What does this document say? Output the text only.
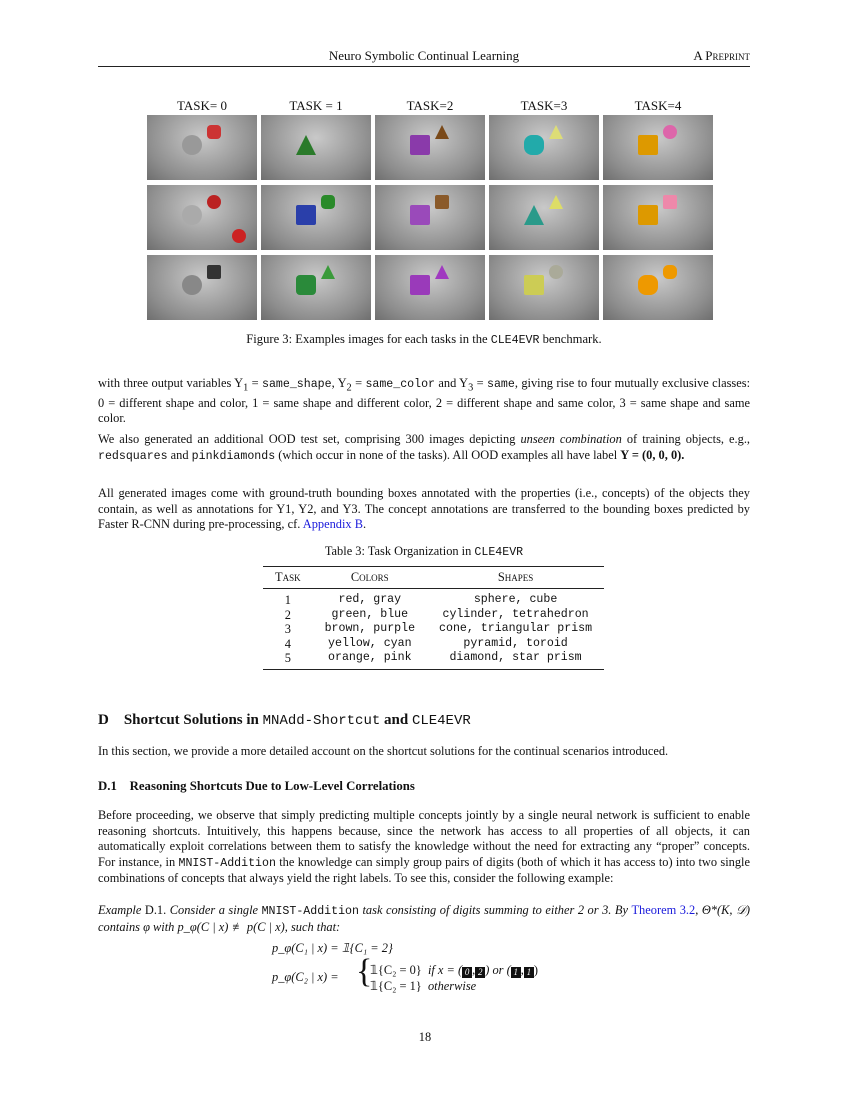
Neuro Symbolic Continual Learning	A Preprint
Figure 3: Examples images for each tasks in the CLE4EVR benchmark.
with three output variables $Y_1$ = same_shape, $Y_2$ = same_color and $Y_3$ = same, giving rise to four mutually exclusive classes: 0 = different shape and color, 1 = same shape and different color, 2 = different shape and same color, 3 = same shape and same color.
We also generated an additional OOD test set, comprising 300 images depicting unseen combination of training objects, e.g., redsquares and pinkdiamonds (which occur in none of the tasks). All OOD examples all have label Y = (0, 0, 0).
All generated images come with ground-truth bounding boxes annotated with the properties (i.e., concepts) of the objects they contain, as well as annotations for Y1, Y2, and Y3. The concept annotations are transferred to the bounding boxes predicted by Faster R-CNN during pre-processing, cf. Appendix B.
Table 3: Task Organization in CLE4EVR
Task	Colors	Shapes
1	red, gray	sphere, cube
2	green, blue	cylinder, tetrahedron
3	brown, purple	cone, triangular prism
4	yellow, cyan	pyramid, toroid
5	orange, pink	diamond, star prism
D Shortcut Solutions in MNAdd-Shortcut and CLE4EVR
In this section, we provide a more detailed account on the shortcut solutions for the continual scenarios introduced.
D.1 Reasoning Shortcuts Due to Low-Level Correlations
Before proceeding, we observe that simply predicting multiple concepts jointly by a single neural network is sufficient to enable reasoning shortcuts. Intuitively, this happens because, since the network has access to all properties of all objects, it can automatically exploit correlations between them to satisfy the knowledge without the need for extracting any “proper” concepts. For instance, in MNIST-Addition the knowledge can simply group pairs of digits (both of which it has access to) into two single combinations of concepts that always yield the right labels. To see this, consider the following example:
Example D.1. Consider a single MNIST-Addition task consisting of digits summing to either 2 or 3. By Theorem 3.2, Θ*(K, 𝒟) contains φ with p_φ(C | x) ≢ p(C | x), such that:
p_φ(C₁ | x) = 𝟙{C₁ = 2}
p_φ(C₂ | x) = {
𝟙{C₂ = 0} if x = ( 0 , 2 ) or ( 1 , 1 )
𝟙{C₂ = 1} otherwise
18
TASK= 0	TASK = 1	TASK=2	TASK=3	TASK=4
